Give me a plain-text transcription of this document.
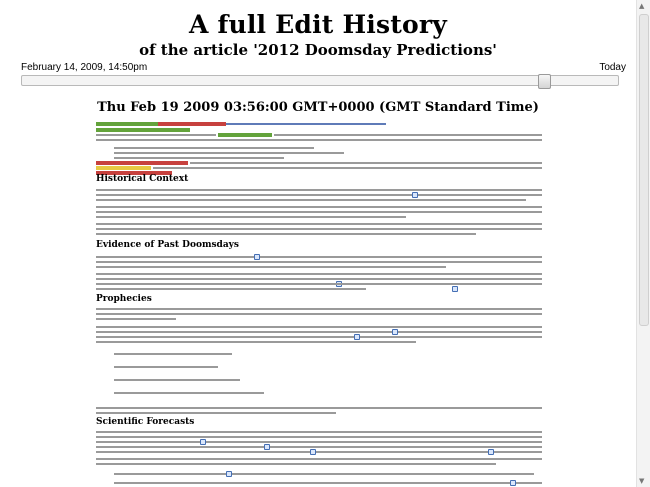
A full Edit History
of the article '2012 Doomsday Predictions'
February 14, 2009, 14:50pm	Today
▲
▼
Thu Feb 19 2009 03:56:00 GMT+0000 (GMT Standard Time)
Historical Context
Evidence of Past Doomsdays
Prophecies
Scientific Forecasts
